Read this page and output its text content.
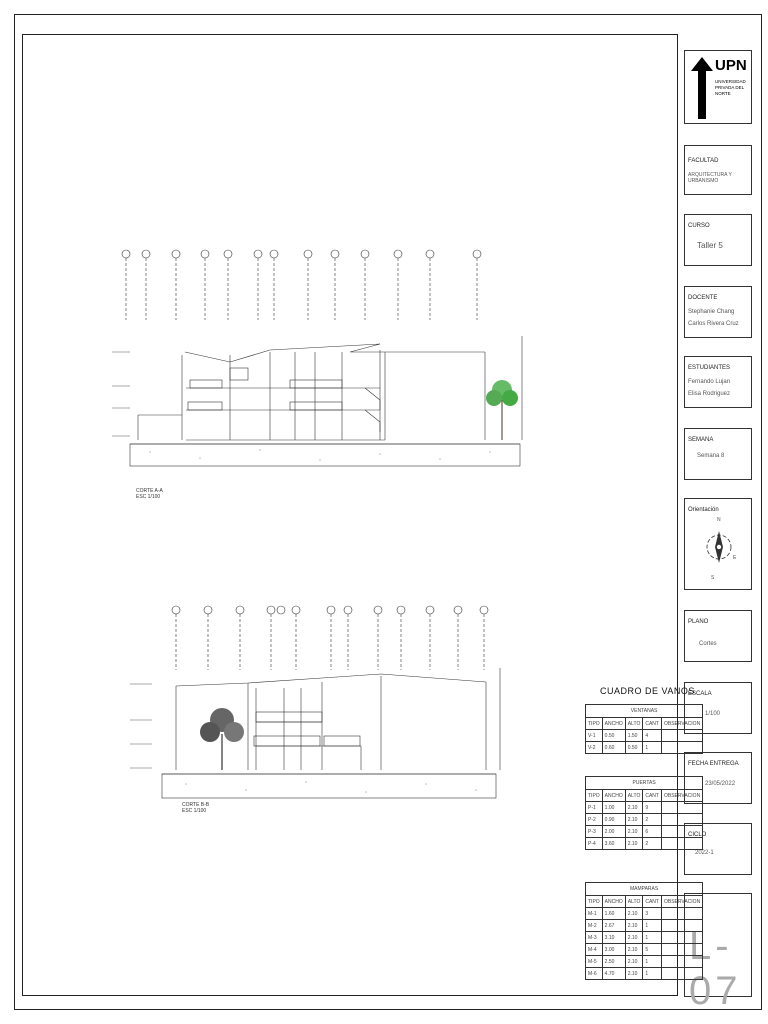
CORTE A-A
ESC 1/100
CORTE B-B
ESC 1/100
UPN
UNIVERSIDAD PRIVADA DEL NORTE
FACULTAD
ARQUITECTURA Y URBANISMO
CURSO
Taller 5
DOCENTE
Stephanie Chang
Carlos Rivera Cruz
ESTUDIANTES
Fernando Lujan
Elisa Rodriguez
SEMANA
Semana 8
Orientación
N
E
S
PLANO
Cortes
ESCALA
1/100
FECHA ENTREGA
23/05/2022
CICLO
2022-1
L-07
CUADRO DE VANOS
VENTANAS				
TIPO	ANCHO	ALTO	CANT	OBSERVACION
V-1	0.50	1.50	4	
V-2	0.60	0.50	1	
PUERTAS				
TIPO	ANCHO	ALTO	CANT	OBSERVACION
P-1	1.00	2.10	9	
P-2	0.90	2.10	2	
P-3	2.00	2.10	6	
P-4	3.60	2.10	2	
MAMPARAS				
TIPO	ANCHO	ALTO	CANT	OBSERVACION
M-1	1.60	2.10	3	
M-2	2.67	2.10	1	
M-3	3.10	2.10	1	
M-4	3.00	2.10	5	
M-5	2.50	2.10	1	
M-6	4.70	2.10	1	
